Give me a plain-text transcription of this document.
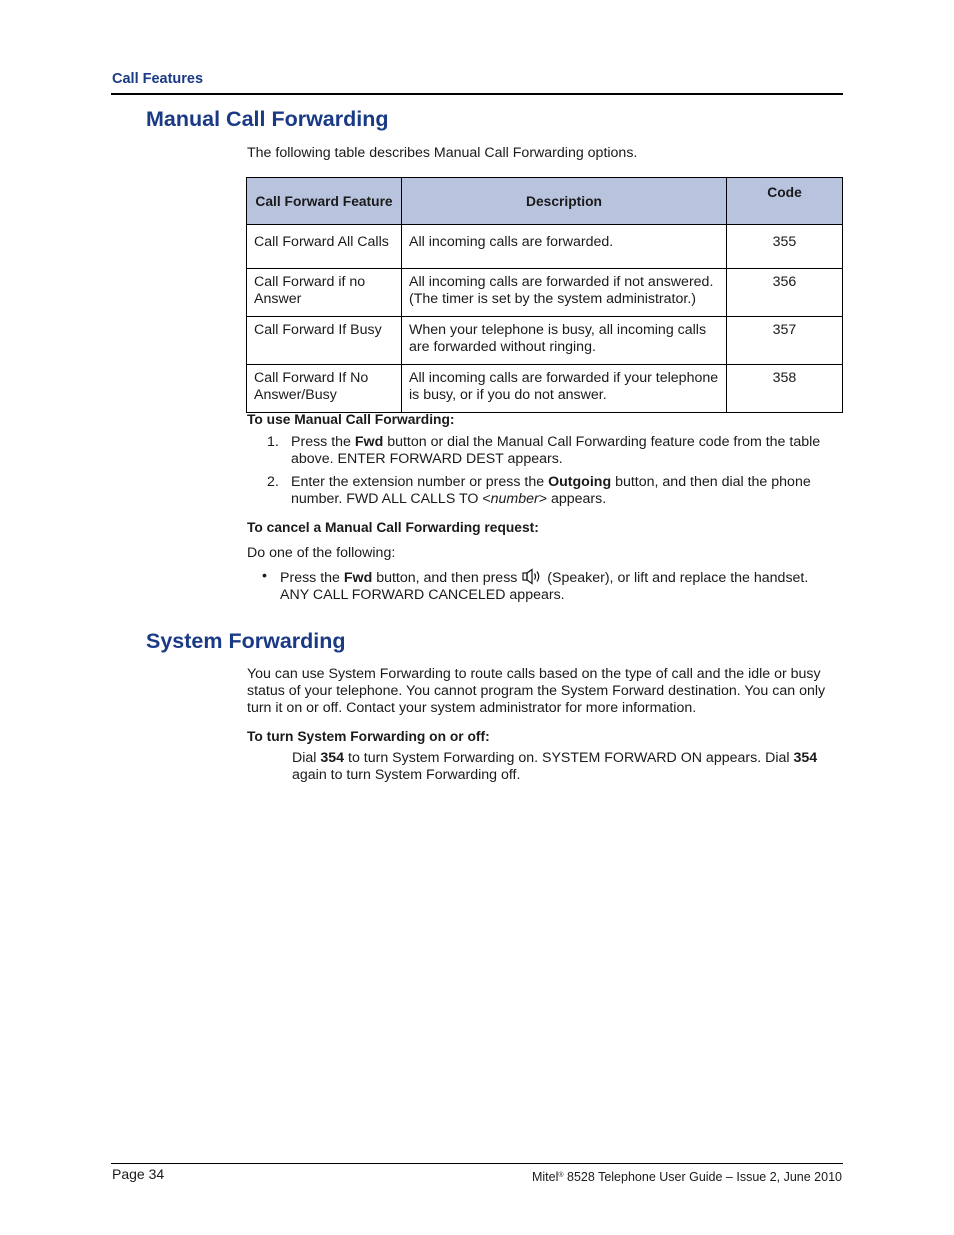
Call Features
Manual Call Forwarding

The following table describes Manual Call Forwarding options.

Call Forward Feature	Description	Code
Call Forward All Calls	All incoming calls are forwarded.	355
Call Forward if no Answer	All incoming calls are forwarded if not answered. (The timer is set by the system administrator.)	356
Call Forward If Busy	When your telephone is busy, all incoming calls are forwarded without ringing.	357
Call Forward If No Answer/Busy	All incoming calls are forwarded if your telephone is busy, or if you do not answer.	358

To use Manual Call Forwarding:

1. Press the Fwd button or dial the Manual Call Forwarding feature code from the table above. ENTER FORWARD DEST appears.
2. Enter the extension number or press the Outgoing button, and then dial the phone number. FWD ALL CALLS TO <number> appears.

To cancel a Manual Call Forwarding request:

Do one of the following:

• Press the Fwd button, and then press  (Speaker), or lift and replace the handset. ANY CALL FORWARD CANCELED appears.
System Forwarding

You can use System Forwarding to route calls based on the type of call and the idle or busy status of your telephone. You cannot program the System Forward destination. You can only turn it on or off. Contact your system administrator for more information.

To turn System Forwarding on or off:

Dial 354 to turn System Forwarding on. SYSTEM FORWARD ON appears. Dial 354 again to turn System Forwarding off.
Page 34	Mitel® 8528 Telephone User Guide – Issue 2, June 2010
